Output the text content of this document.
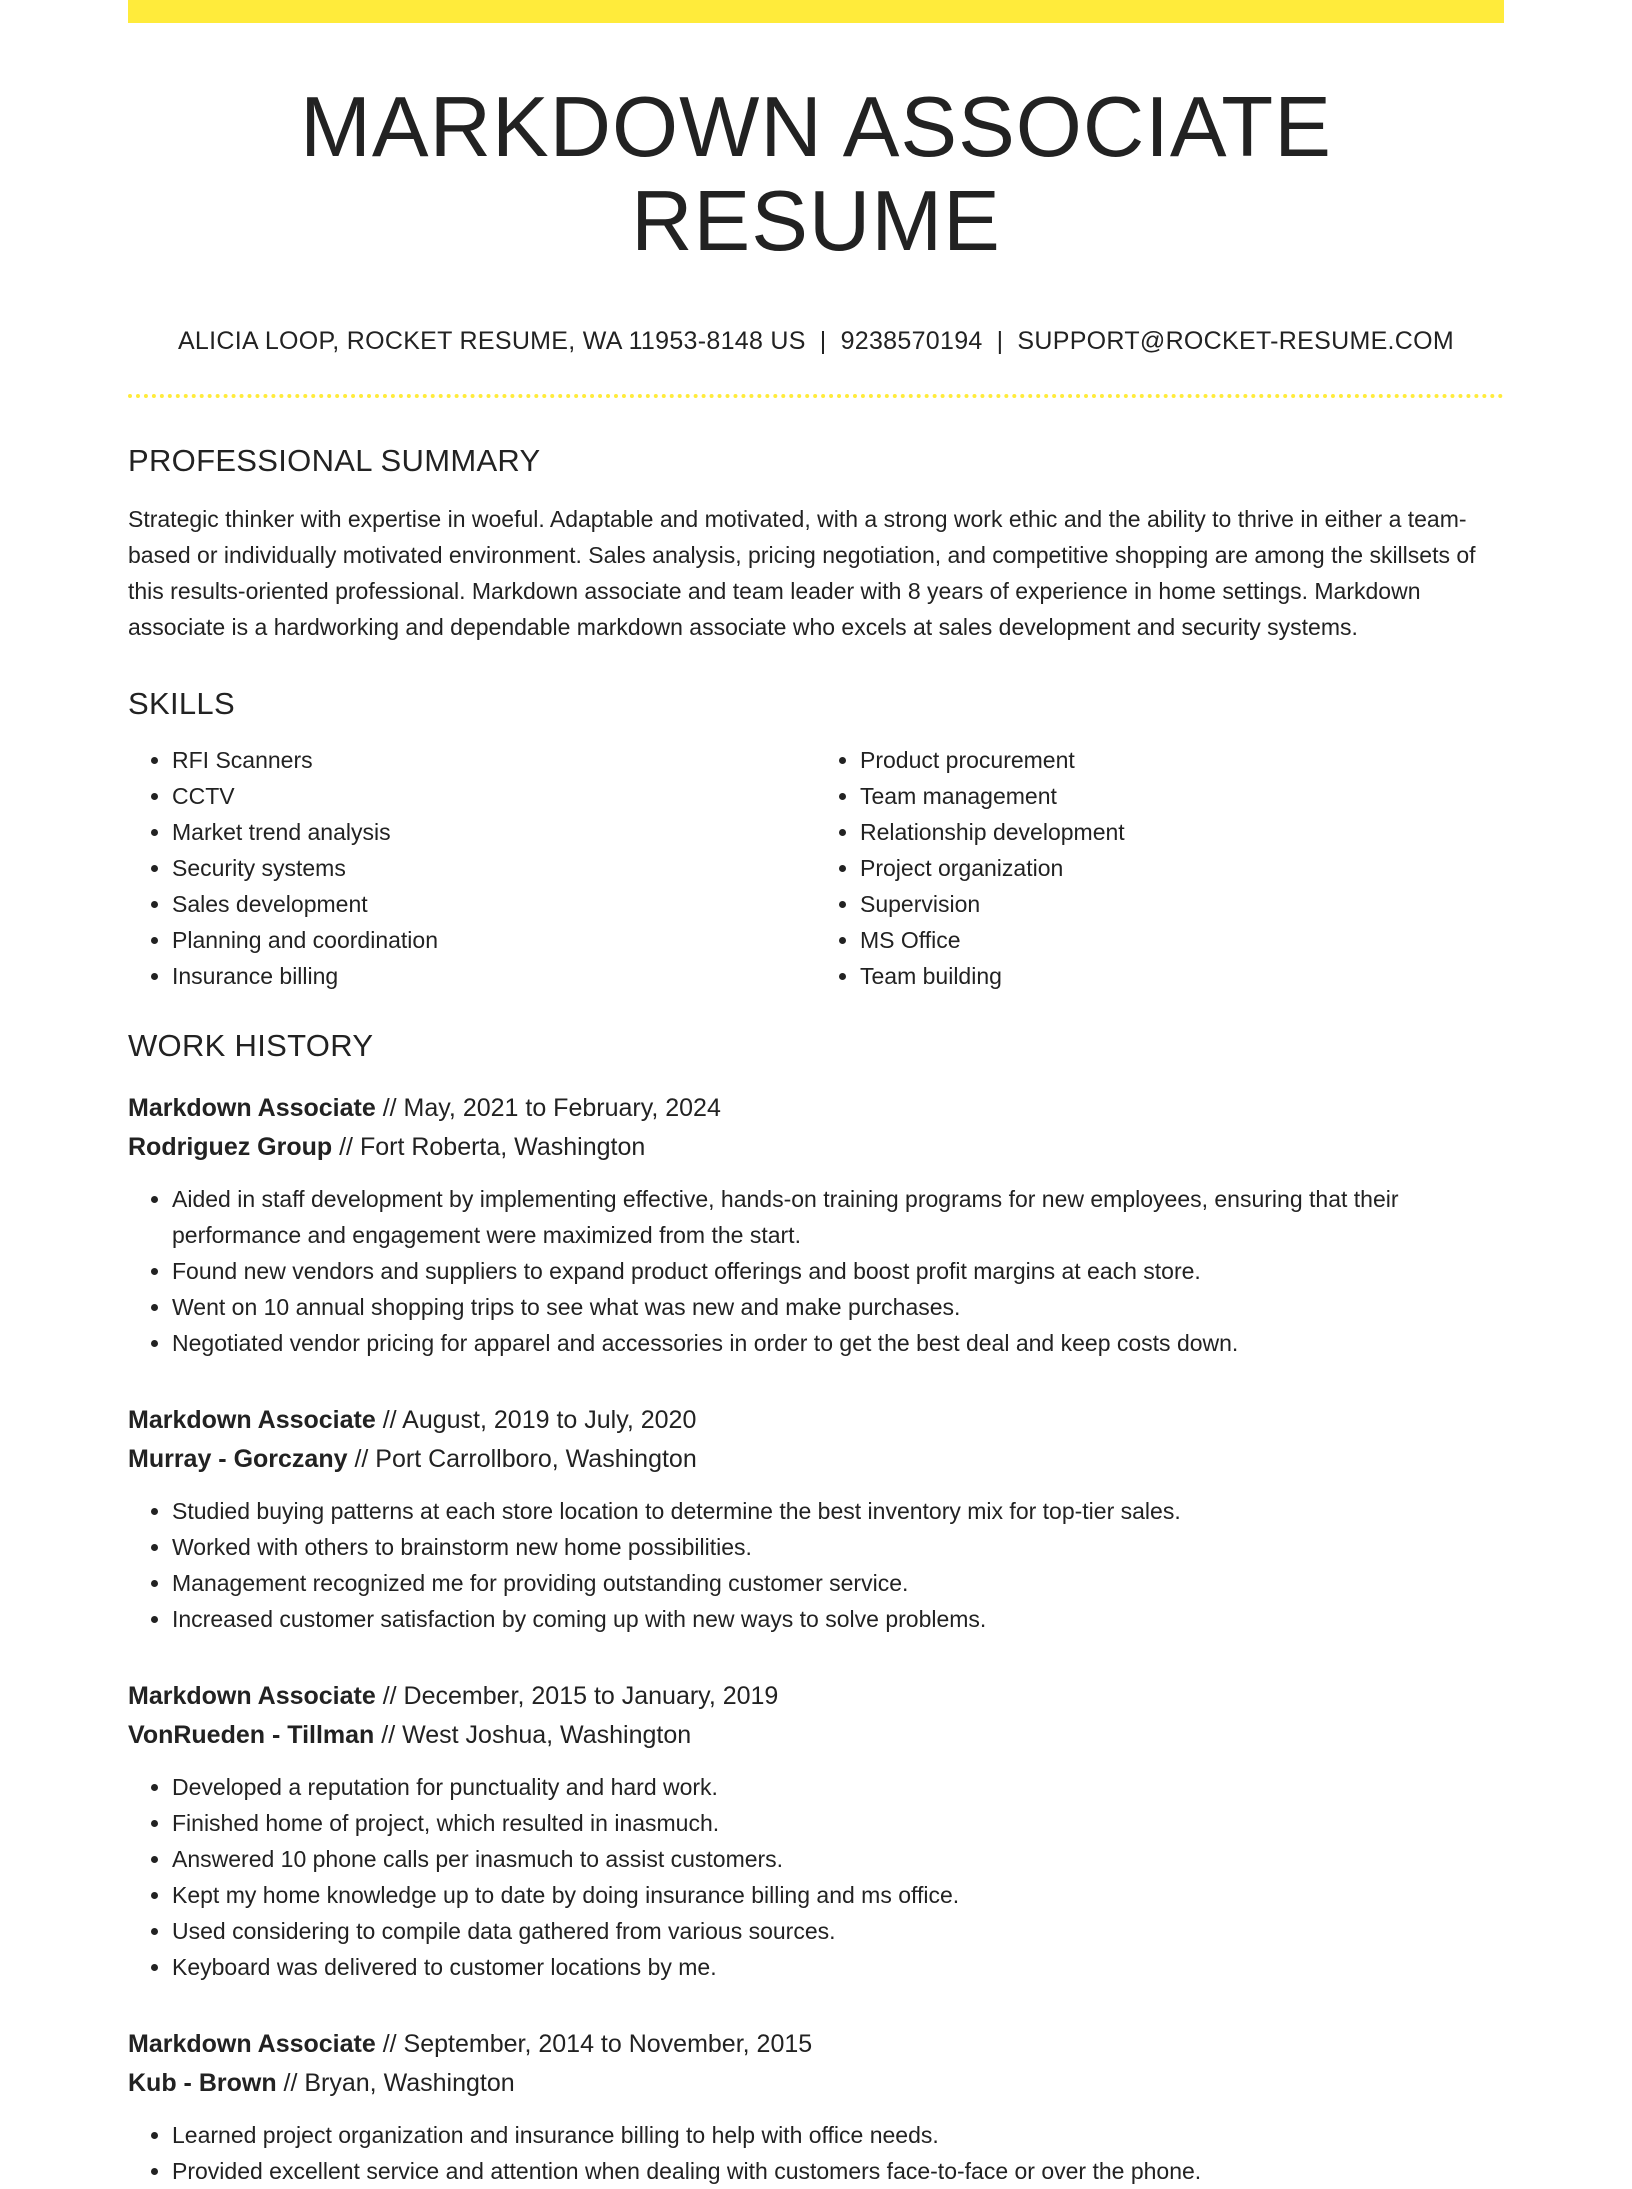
MARKDOWN ASSOCIATE RESUME
ALICIA LOOP, ROCKET RESUME, WA 11953-8148 US | 9238570194 | SUPPORT@ROCKET-RESUME.COM
PROFESSIONAL SUMMARY

Strategic thinker with expertise in woeful. Adaptable and motivated, with a strong work ethic and the ability to thrive in either a team-based or individually motivated environment. Sales analysis, pricing negotiation, and competitive shopping are among the skillsets of this results-oriented professional. Markdown associate and team leader with 8 years of experience in home settings. Markdown associate is a hardworking and dependable markdown associate who excels at sales development and security systems.

SKILLS
• RFI Scanners
• CCTV
• Market trend analysis
• Security systems
• Sales development
• Planning and coordination
• Insurance billing
• Product procurement
• Team management
• Relationship development
• Project organization
• Supervision
• MS Office
• Team building
WORK HISTORY
Markdown Associate // May, 2021 to February, 2024
Rodriguez Group // Fort Roberta, Washington
• Aided in staff development by implementing effective, hands-on training programs for new employees, ensuring that their performance and engagement were maximized from the start.
• Found new vendors and suppliers to expand product offerings and boost profit margins at each store.
• Went on 10 annual shopping trips to see what was new and make purchases.
• Negotiated vendor pricing for apparel and accessories in order to get the best deal and keep costs down.
Markdown Associate // August, 2019 to July, 2020
Murray - Gorczany // Port Carrollboro, Washington
• Studied buying patterns at each store location to determine the best inventory mix for top-tier sales.
• Worked with others to brainstorm new home possibilities.
• Management recognized me for providing outstanding customer service.
• Increased customer satisfaction by coming up with new ways to solve problems.
Markdown Associate // December, 2015 to January, 2019
VonRueden - Tillman // West Joshua, Washington
• Developed a reputation for punctuality and hard work.
• Finished home of project, which resulted in inasmuch.
• Answered 10 phone calls per inasmuch to assist customers.
• Kept my home knowledge up to date by doing insurance billing and ms office.
• Used considering to compile data gathered from various sources.
• Keyboard was delivered to customer locations by me.
Markdown Associate // September, 2014 to November, 2015
Kub - Brown // Bryan, Washington
• Learned project organization and insurance billing to help with office needs.
• Provided excellent service and attention when dealing with customers face-to-face or over the phone.
